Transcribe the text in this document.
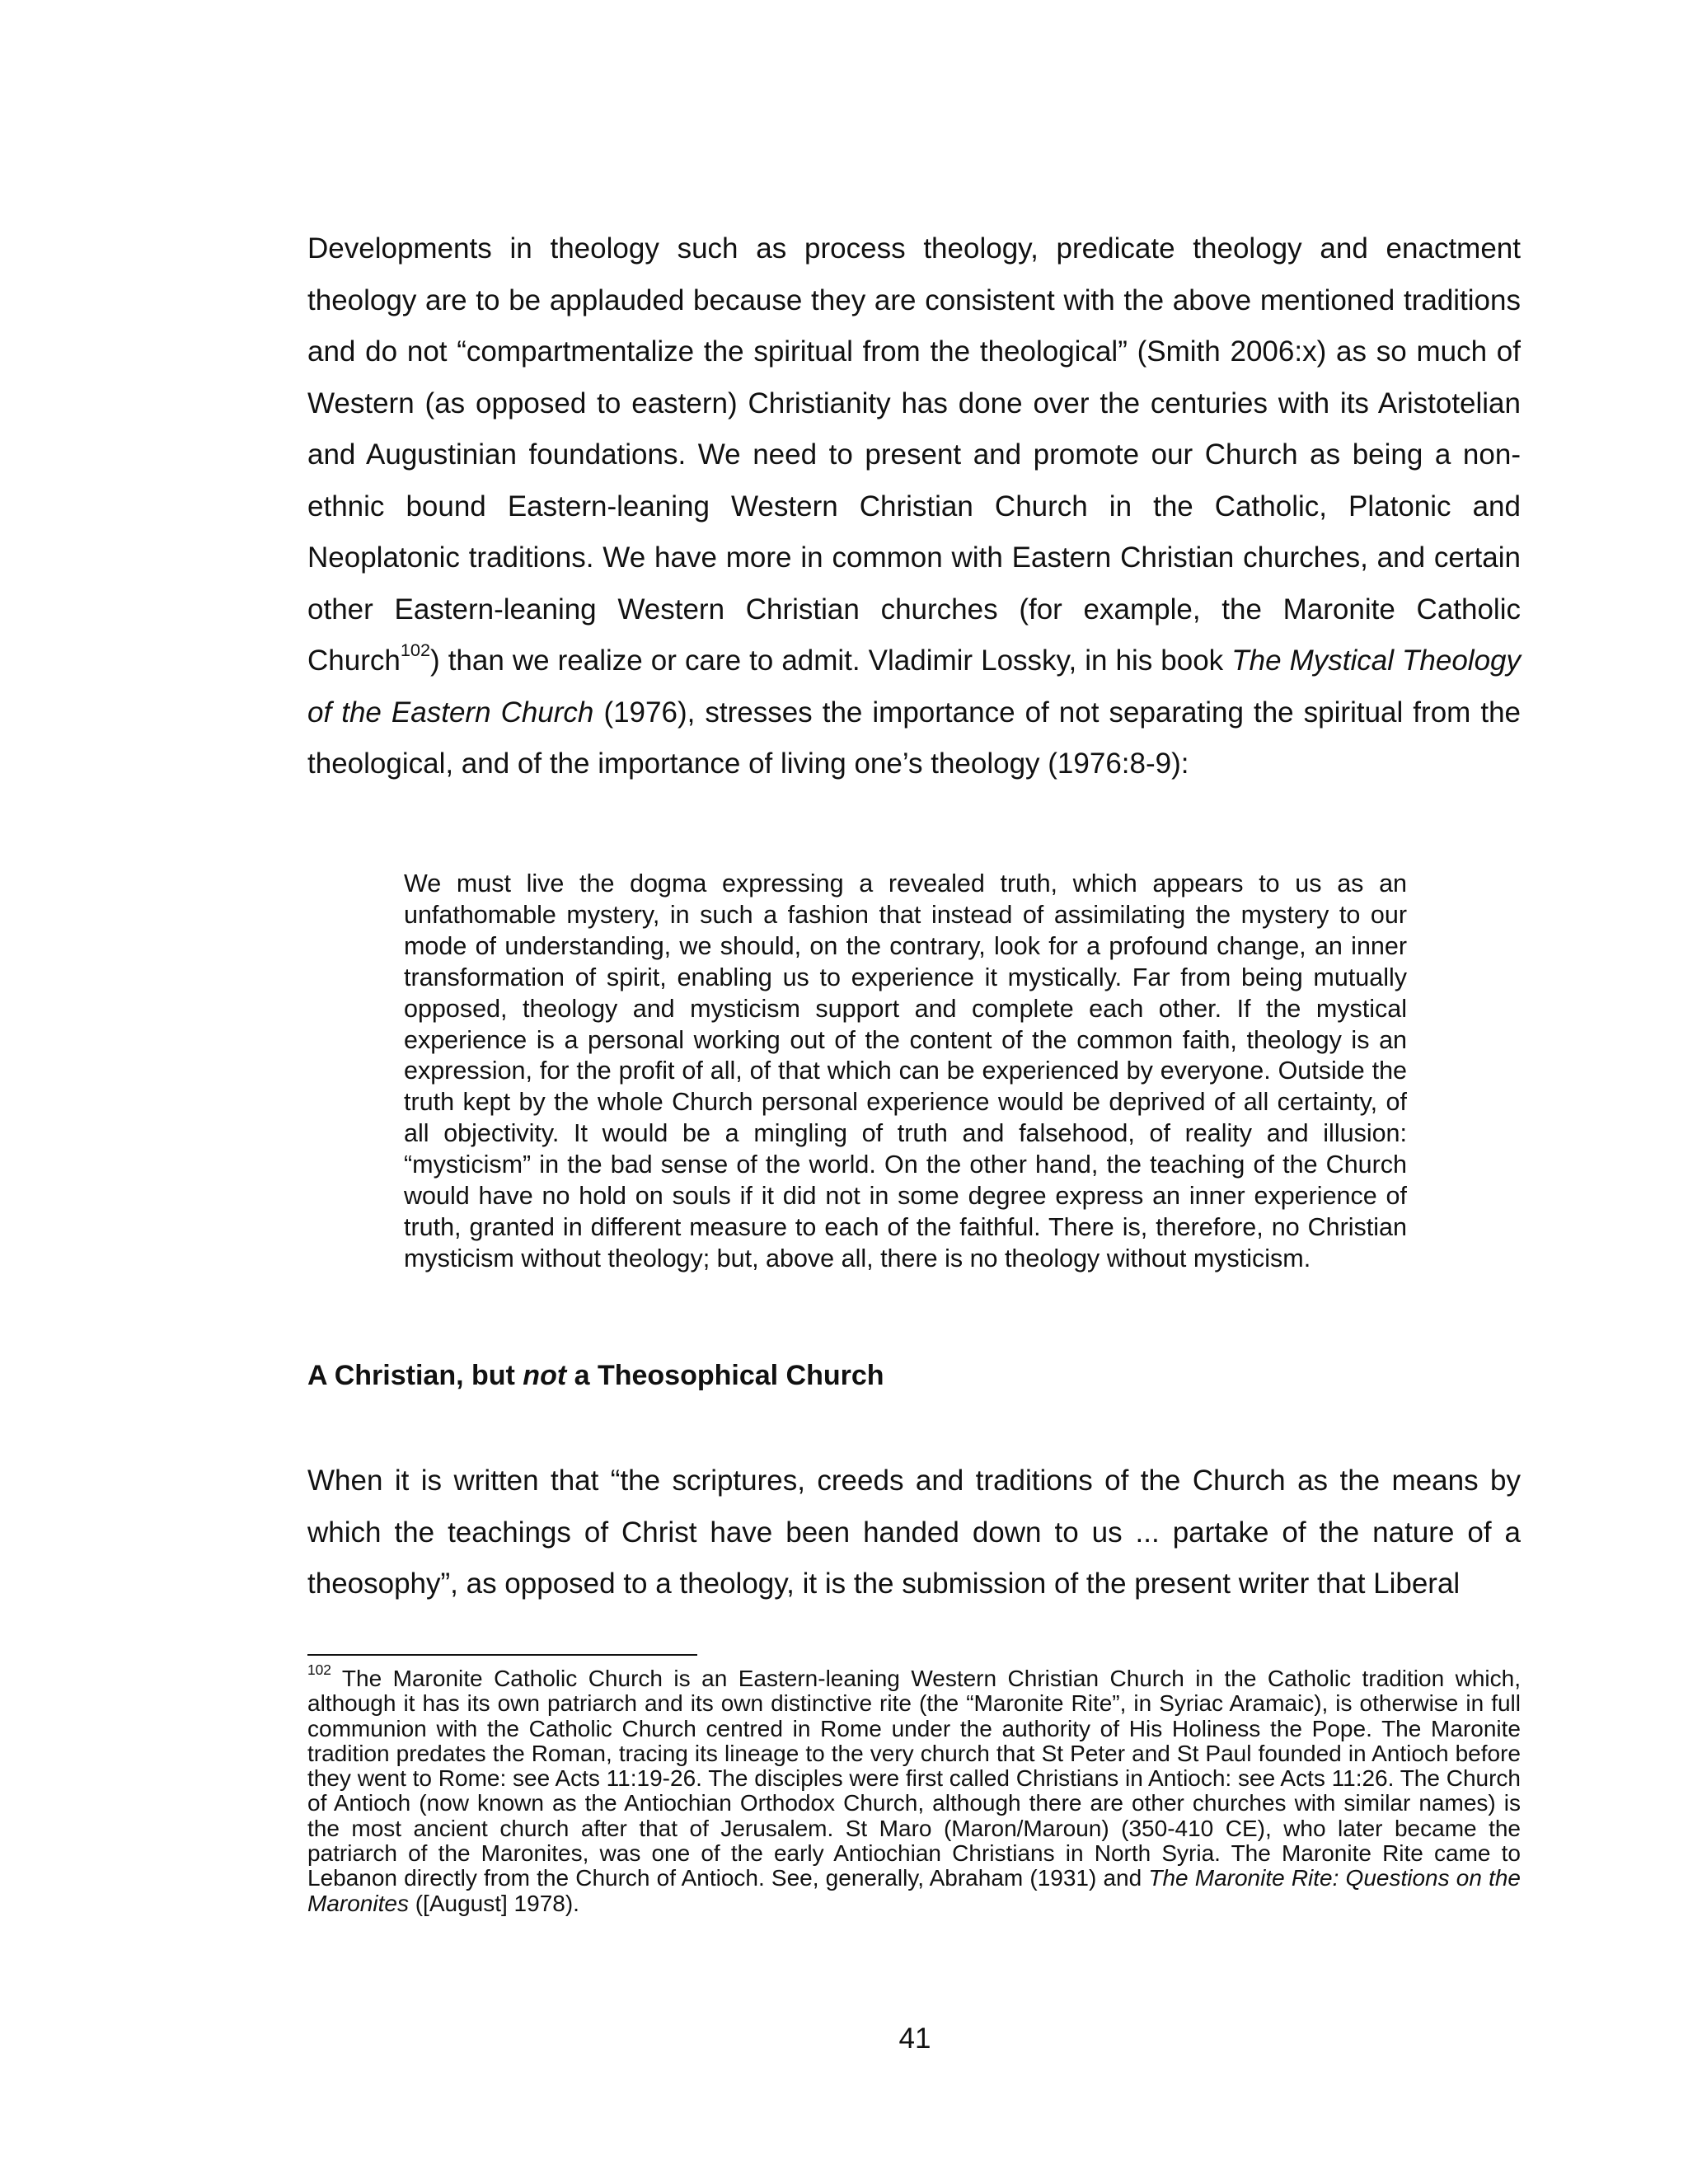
Developments in theology such as process theology, predicate theology and enactment theology are to be applauded because they are consistent with the above mentioned traditions and do not “compartmentalize the spiritual from the theological” (Smith 2006:x) as so much of Western (as opposed to eastern) Christianity has done over the centuries with its Aristotelian and Augustinian foundations. We need to present and promote our Church as being a non-ethnic bound Eastern-leaning Western Christian Church in the Catholic, Platonic and Neoplatonic traditions. We have more in common with Eastern Christian churches, and certain other Eastern-leaning Western Christian churches (for example, the Maronite Catholic Church$^{102}$) than we realize or care to admit. Vladimir Lossky, in his book The Mystical Theology of the Eastern Church (1976), stresses the importance of not separating the spiritual from the theological, and of the importance of living one’s theology (1976:8-9):

We must live the dogma expressing a revealed truth, which appears to us as an unfathomable mystery, in such a fashion that instead of assimilating the mystery to our mode of understanding, we should, on the contrary, look for a profound change, an inner transformation of spirit, enabling us to experience it mystically. Far from being mutually opposed, theology and mysticism support and complete each other. If the mystical experience is a personal working out of the content of the common faith, theology is an expression, for the profit of all, of that which can be experienced by everyone. Outside the truth kept by the whole Church personal experience would be deprived of all certainty, of all objectivity. It would be a mingling of truth and falsehood, of reality and illusion: “mysticism” in the bad sense of the world. On the other hand, the teaching of the Church would have no hold on souls if it did not in some degree express an inner experience of truth, granted in different measure to each of the faithful. There is, therefore, no Christian mysticism without theology; but, above all, there is no theology without mysticism.

A Christian, but not a Theosophical Church

When it is written that “the scriptures, creeds and traditions of the Church as the means by which the teachings of Christ have been handed down to us ... partake of the nature of a theosophy”, as opposed to a theology, it is the submission of the present writer that Liberal

$^{102}$ The Maronite Catholic Church is an Eastern-leaning Western Christian Church in the Catholic tradition which, although it has its own patriarch and its own distinctive rite (the “Maronite Rite”, in Syriac Aramaic), is otherwise in full communion with the Catholic Church centred in Rome under the authority of His Holiness the Pope. The Maronite tradition predates the Roman, tracing its lineage to the very church that St Peter and St Paul founded in Antioch before they went to Rome: see Acts 11:19-26. The disciples were first called Christians in Antioch: see Acts 11:26. The Church of Antioch (now known as the Antiochian Orthodox Church, although there are other churches with similar names) is the most ancient church after that of Jerusalem. St Maro (Maron/Maroun) (350-410 CE), who later became the patriarch of the Maronites, was one of the early Antiochian Christians in North Syria. The Maronite Rite came to Lebanon directly from the Church of Antioch. See, generally, Abraham (1931) and The Maronite Rite: Questions on the Maronites ([August] 1978).

41
